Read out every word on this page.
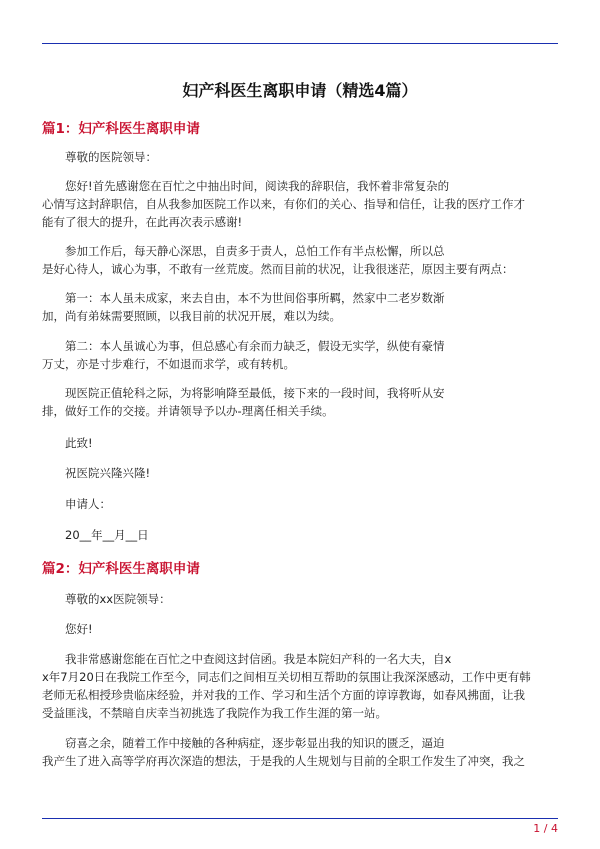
妇产科医生离职申请（精选4篇）
篇1：妇产科医生离职申请
尊敬的医院领导：
您好!首先感谢您在百忙之中抽出时间，阅读我的辞职信，我怀着非常复杂的
心情写这封辞职信，自从我参加医院工作以来，有你们的关心、指导和信任，让我的医疗工作才
能有了很大的提升，在此再次表示感谢!
参加工作后，每天静心深思，自责多于责人，总怕工作有半点松懈，所以总
是好心待人，诚心为事，不敢有一丝荒废。然而目前的状况，让我很迷茫，原因主要有两点：
第一：本人虽未成家，来去自由，本不为世间俗事所羁，然家中二老岁数渐
加，尚有弟妹需要照顾，以我目前的状况开展，难以为续。
第二：本人虽诚心为事，但总感心有余而力缺乏，假设无实学，纵使有豪情
万丈，亦是寸步难行，不如退而求学，或有转机。
现医院正值轮科之际，为将影响降至最低，接下来的一段时间，我将听从安
排，做好工作的交接。并请领导予以办-理离任相关手续。
此致!
祝医院兴隆兴隆!
申请人：
20__年__月__日
篇2：妇产科医生离职申请
尊敬的xx医院领导：
您好!
我非常感谢您能在百忙之中查阅这封信函。我是本院妇产科的一名大夫，自x
x年7月20日在我院工作至今，同志们之间相互关切相互帮助的氛围让我深深感动，工作中更有韩
老师无私相授珍贵临床经验，并对我的工作、学习和生活个方面的谆谆教诲，如春风拂面，让我
受益匪浅，不禁暗自庆幸当初挑选了我院作为我工作生涯的第一站。
窃喜之余，随着工作中接触的各种病症，逐步彰显出我的知识的匮乏，逼迫
我产生了进入高等学府再次深造的想法，于是我的人生规划与目前的全职工作发生了冲突，我之
1 / 4
